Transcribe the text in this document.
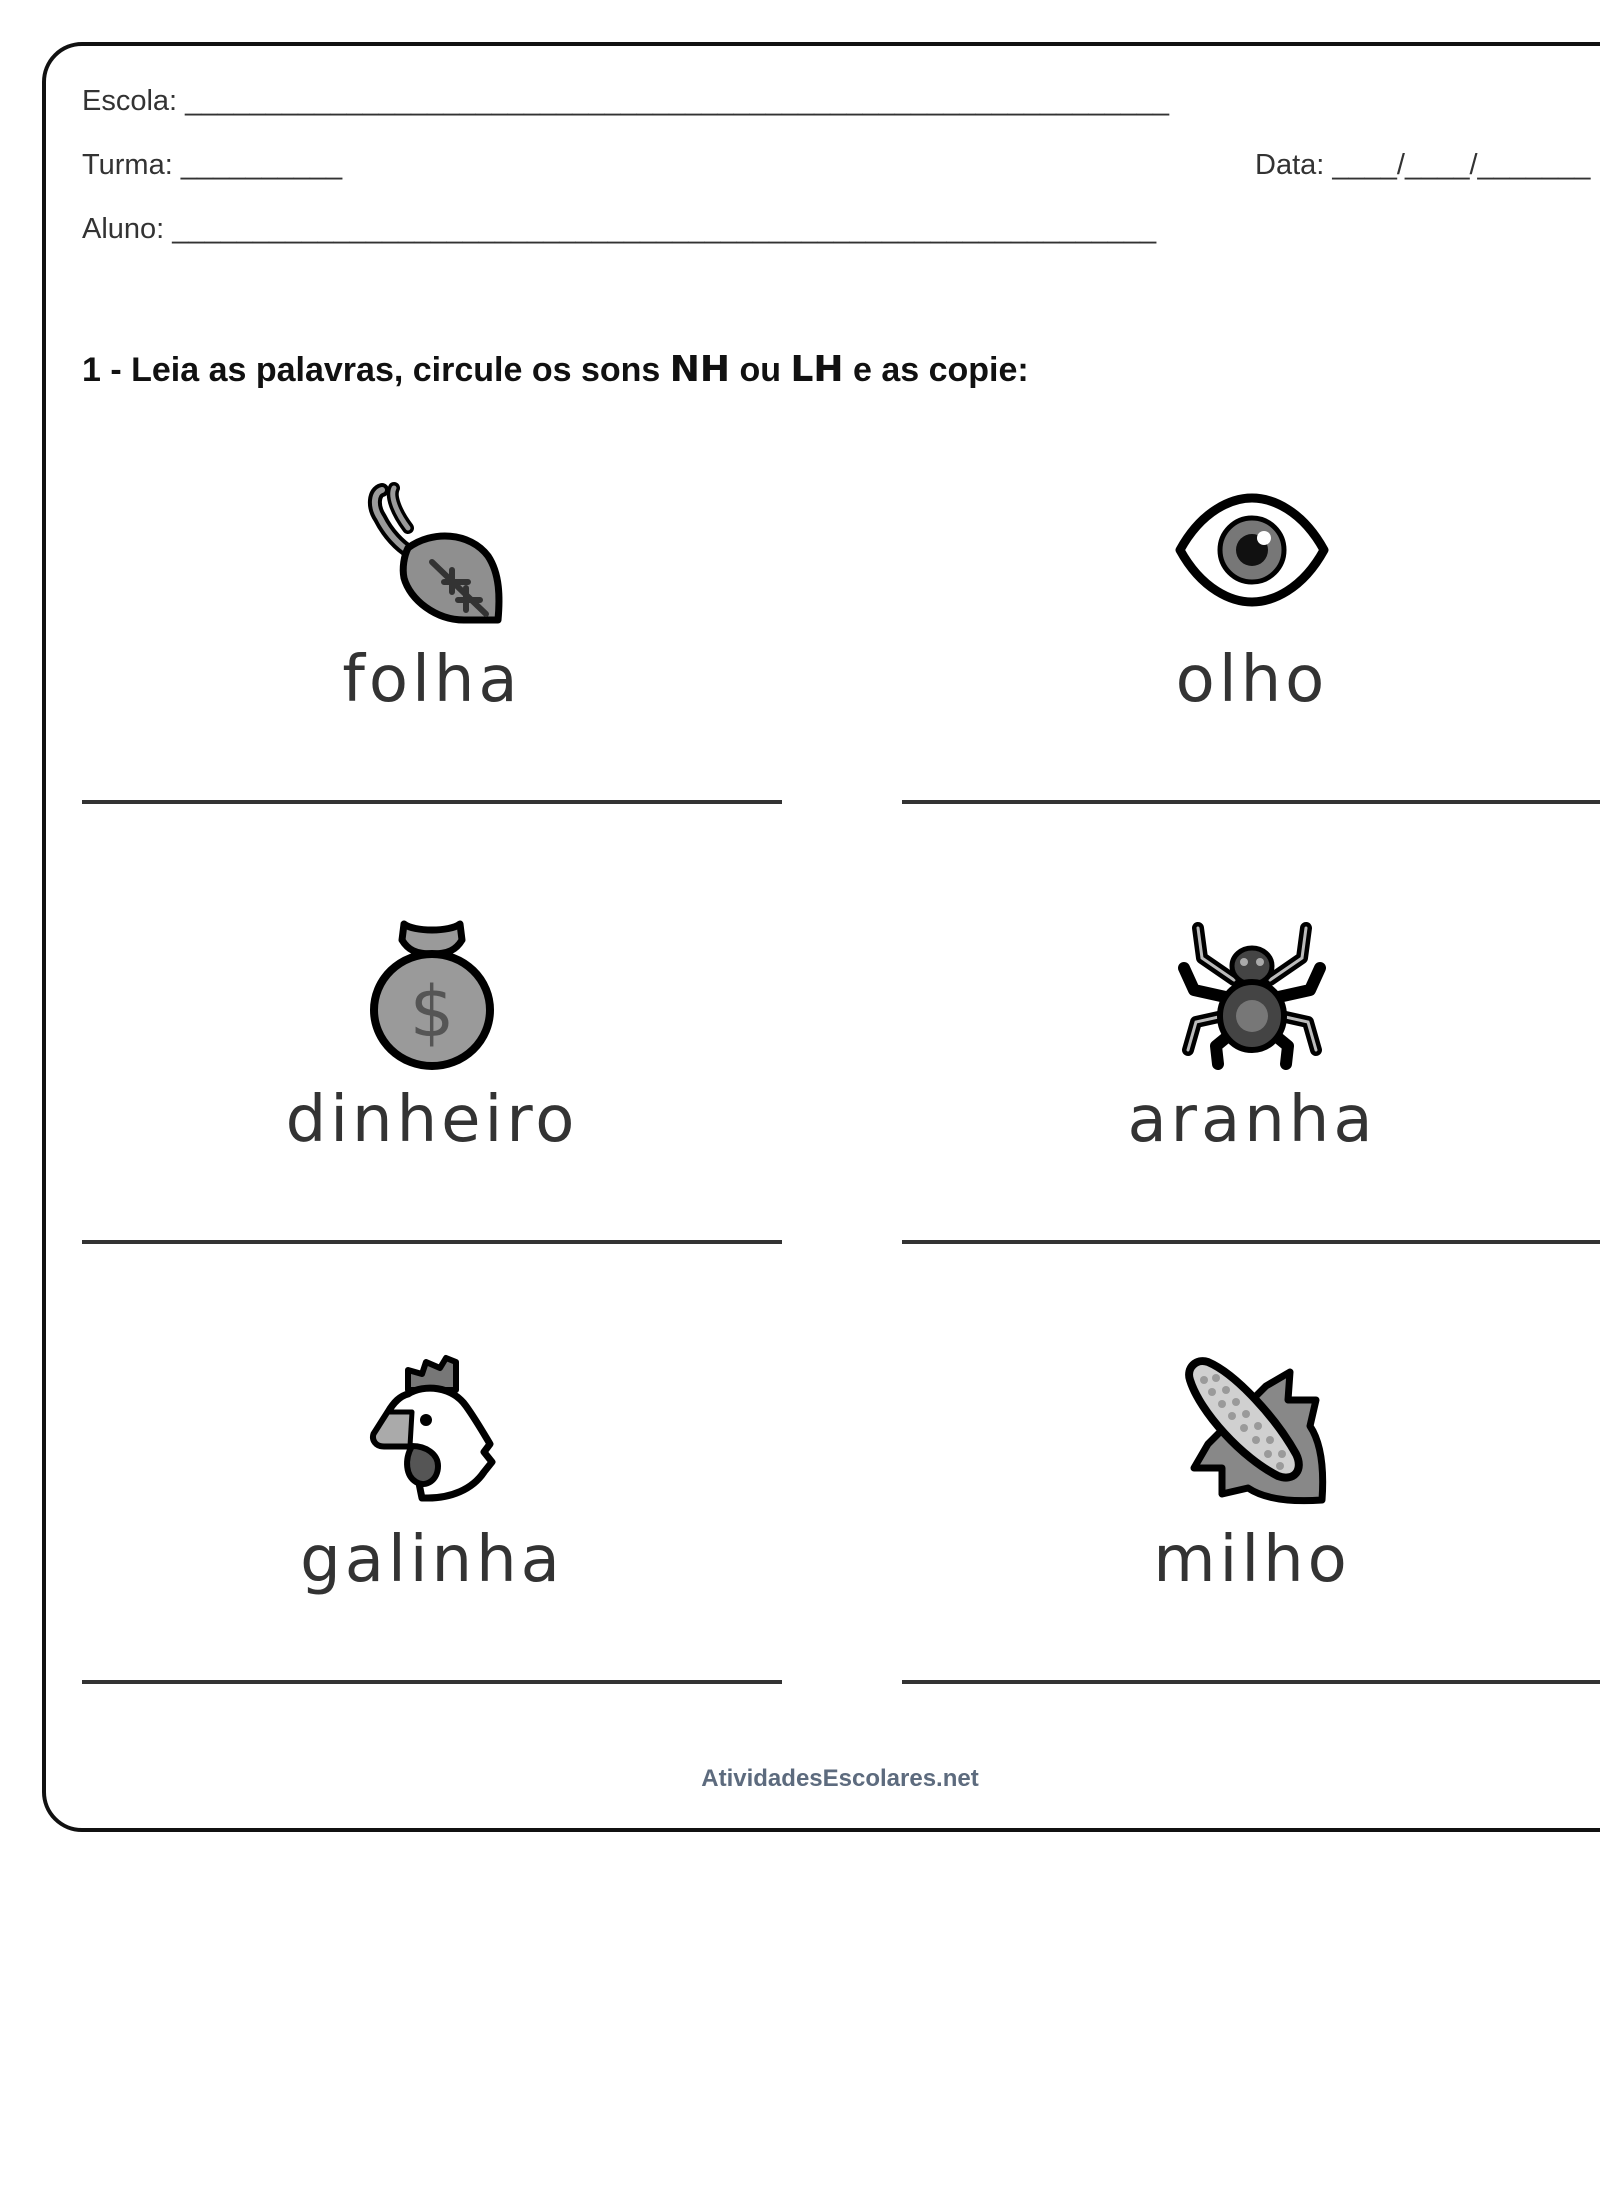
Escola: _____________________________________________________________
Turma: __________	Data: ____/____/_______
Aluno: _____________________________________________________________
1 - Leia as palavras, circule os sons NH ou LH e as copie:
folha	olho
$
dinheiro	aranha
galinha	milho
AtividadesEscolares.net
